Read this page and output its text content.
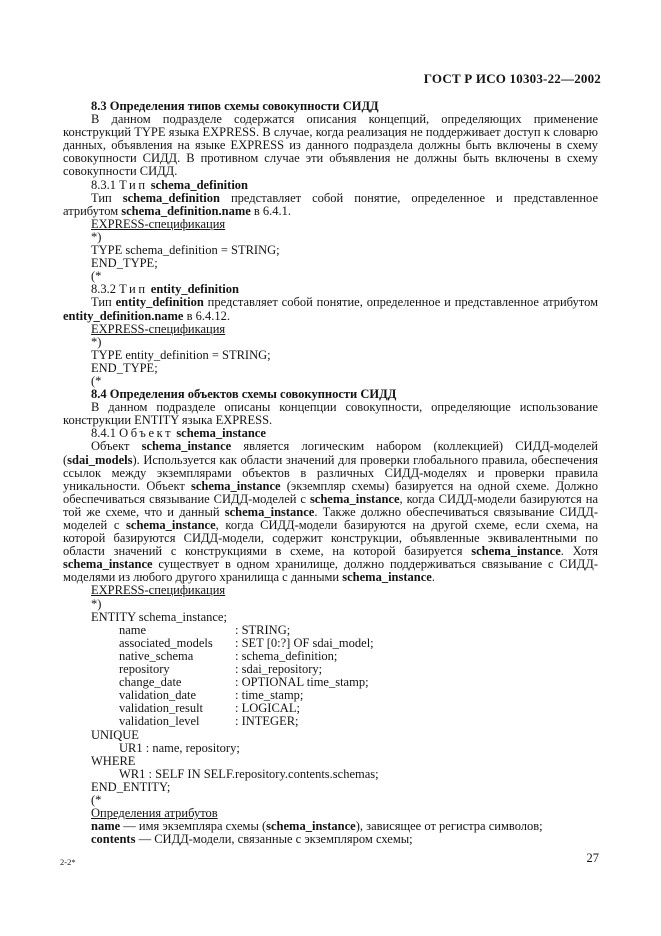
ГОСТ Р ИСО 10303-22—2002

8.3 Определения типов схемы совокупности СИДД

В данном подразделе содержатся описания концепций, определяющих применение конструкций TYPE языка EXPRESS. В случае, когда реализация не поддерживает доступ к словарю данных, объявления на языке EXPRESS из данного подраздела должны быть включены в схему совокупности СИДД. В противном случае эти объявления не должны быть включены в схему совокупности СИДД.

8.3.1 Тип schema_definition

Тип schema_definition представляет собой понятие, определенное и представленное атрибутом schema_definition.name в 6.4.1.

EXPRESS-спецификация

*)

TYPE schema_definition = STRING;

END_TYPE;

(*

8.3.2 Тип entity_definition

Тип entity_definition представляет собой понятие, определенное и представленное атрибутом entity_definition.name в 6.4.12.

EXPRESS-спецификация

*)

TYPE entity_definition = STRING;

END_TYPE;

(*

8.4 Определения объектов схемы совокупности СИДД

В данном подразделе описаны концепции совокупности, определяющие использование конструкции ENTITY языка EXPRESS.

8.4.1 Объект schema_instance

Объект schema_instance является логическим набором (коллекцией) СИДД-моделей (sdai_models). Используется как области значений для проверки глобального правила, обеспечения ссылок между экземплярами объектов в различных СИДД-моделях и проверки правила уникальности. Объект schema_instance (экземпляр схемы) базируется на одной схеме. Должно обеспечиваться связывание СИДД-моделей с schema_instance, когда СИДД-модели базируются на той же схеме, что и данный schema_instance. Также должно обеспечиваться связывание СИДД-моделей с schema_instance, когда СИДД-модели базируются на другой схеме, если схема, на которой базируются СИДД-модели, содержит конструкции, объявленные эквивалентными по области значений с конструкциями в схеме, на которой базируется schema_instance. Хотя schema_instance существует в одном хранилище, должно поддерживаться связывание с СИДД-моделями из любого другого хранилища с данными schema_instance.

EXPRESS-спецификация

*)

ENTITY schema_instance;

name	: STRING;
associated_models	: SET [0:?] OF sdai_model;
native_schema	: schema_definition;
repository	: sdai_repository;
change_date	: OPTIONAL time_stamp;
validation_date	: time_stamp;
validation_result	: LOGICAL;
validation_level	: INTEGER;

UNIQUE

UR1 : name, repository;

WHERE

WR1 : SELF IN SELF.repository.contents.schemas;

END_ENTITY;

(*

Определения атрибутов

name — имя экземпляра схемы (schema_instance), зависящее от регистра символов;

contents — СИДД-модели, связанные с экземпляром схемы;

2-2*	27
